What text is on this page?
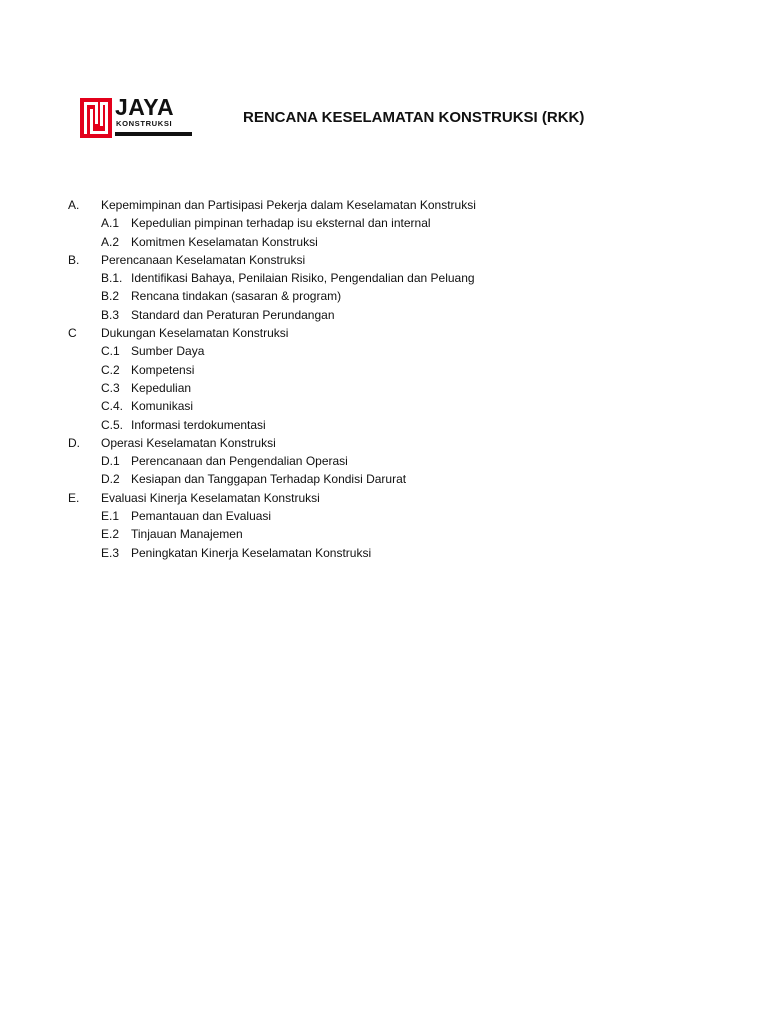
JAYA
KONSTRUKSI	RENCANA KESELAMATAN KONSTRUKSI (RKK)
A. Kepemimpinan dan Partisipasi Pekerja dalam Keselamatan Konstruksi
A.1 Kepedulian pimpinan terhadap isu eksternal dan internal
A.2 Komitmen Keselamatan Konstruksi
B. Perencanaan Keselamatan Konstruksi
B.1. Identifikasi Bahaya, Penilaian Risiko, Pengendalian dan Peluang
B.2 Rencana tindakan (sasaran & program)
B.3 Standard dan Peraturan Perundangan
C Dukungan Keselamatan Konstruksi
C.1 Sumber Daya
C.2 Kompetensi
C.3 Kepedulian
C.4. Komunikasi
C.5. Informasi terdokumentasi
D. Operasi Keselamatan Konstruksi
D.1 Perencanaan dan Pengendalian Operasi
D.2 Kesiapan dan Tanggapan Terhadap Kondisi Darurat
E. Evaluasi Kinerja Keselamatan Konstruksi
E.1 Pemantauan dan Evaluasi
E.2 Tinjauan Manajemen
E.3 Peningkatan Kinerja Keselamatan Konstruksi
